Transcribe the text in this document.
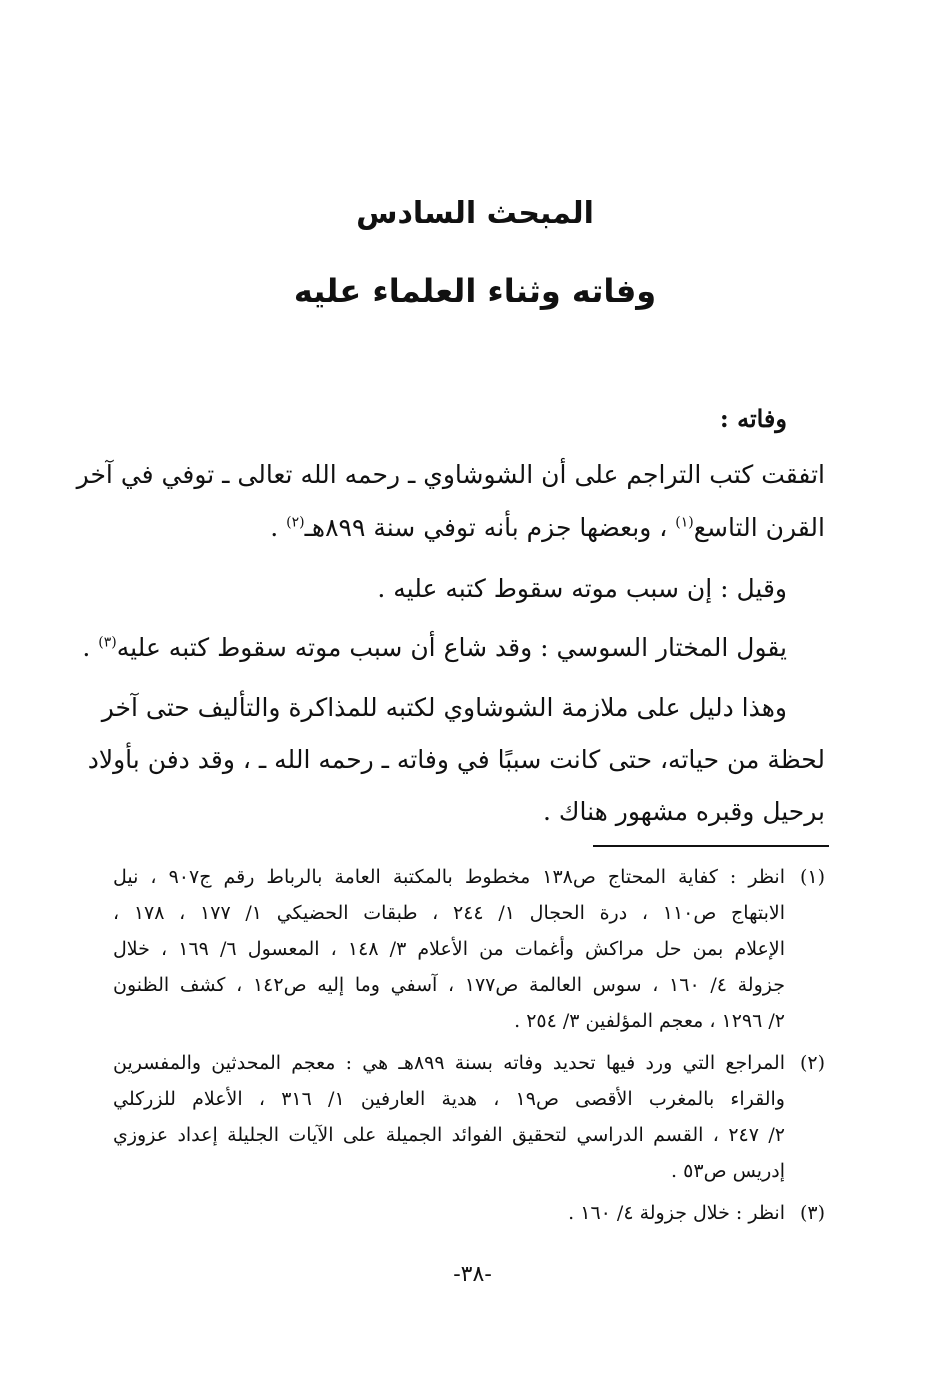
المبحث السادس
وفاته وثناء العلماء عليه
وفاته :
اتفقت كتب التراجم على أن الشوشاوي ـ رحمه الله تعالى ـ توفي في آخر
القرن التاسع$^{(١)}$ ، وبعضها جزم بأنه توفي سنة ٨٩٩هـ$^{(٢)}$ .
وقيل : إن سبب موته سقوط كتبه عليه .
يقول المختار السوسي : وقد شاع أن سبب موته سقوط كتبه عليه$^{(٣)}$ .
وهذا دليل على ملازمة الشوشاوي لكتبه للمذاكرة والتأليف حتى آخر
لحظة من حياته، حتى كانت سببًا في وفاته ـ رحمه الله ـ ، وقد دفن بأولاد
برحيل وقبره مشهور هناك .
(١)
انظر : كفاية المحتاج ص١٣٨ مخطوط بالمكتبة العامة بالرباط رقم ج٩٠٧ ، نيل
الابتهاج ص١١٠ ، درة الحجال ١/ ٢٤٤ ، طبقات الحضيكي ١/ ١٧٧ ، ١٧٨ ،
الإعلام بمن حل مراكش وأغمات من الأعلام ٣/ ١٤٨ ، المعسول ٦/ ١٦٩ ، خلال
جزولة ٤/ ١٦٠ ، سوس العالمة ص١٧٧ ، آسفي وما إليه ص١٤٢ ، كشف الظنون
٢/ ١٢٩٦ ، معجم المؤلفين ٣/ ٢٥٤ .
(٢)
المراجع التي ورد فيها تحديد وفاته بسنة ٨٩٩هـ هي : معجم المحدثين والمفسرين
والقراء بالمغرب الأقصى ص١٩ ، هدية العارفين ١/ ٣١٦ ، الأعلام للزركلي
٢/ ٢٤٧ ، القسم الدراسي لتحقيق الفوائد الجميلة على الآيات الجليلة إعداد عزوزي
إدريس ص٥٣ .
(٣)
انظر : خلال جزولة ٤/ ١٦٠ .
-٣٨-
